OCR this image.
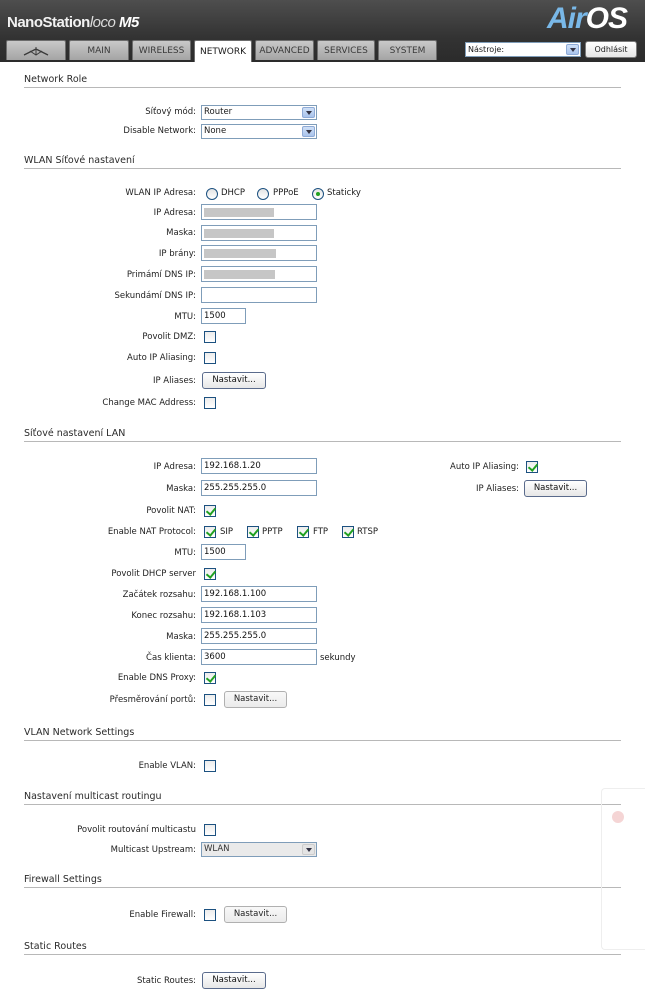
NanoStationloco M5	AirOS
MAIN	WIRELESS	NETWORK	ADVANCED	SERVICES	SYSTEM	Nástroje:	Odhlásit
Network Role
Síťový mód: Router
Disable Network: None
WLAN Síťové nastavení
WLAN IP Adresa:	DHCP	PPPoE	Staticky
IP Adresa:
Maska:
IP brány:
Primámí DNS IP:
Sekundámí DNS IP:
MTU: 1500
Povolit DMZ:
Auto IP Aliasing:
IP Aliases:	Nastavit...
Change MAC Address:
Síťové nastavení LAN
IP Adresa: 192.168.1.20	Auto IP Aliasing:
Maska: 255.255.255.0	IP Aliases:	Nastavit...
Povolit NAT:
Enable NAT Protocol:	SIP	PPTP	FTP	RTSP
MTU: 1500
Povolit DHCP server
Začátek rozsahu: 192.168.1.100
Konec rozsahu: 192.168.1.103
Maska: 255.255.255.0
Čas klienta: 3600	sekundy
Enable DNS Proxy:
Přesměrování portů:	Nastavit...
VLAN Network Settings
Enable VLAN:
Nastavení multicast routingu
Povolit routování multicastu
Multicast Upstream: WLAN
Firewall Settings
Enable Firewall:	Nastavit...
Static Routes
Static Routes:	Nastavit...
